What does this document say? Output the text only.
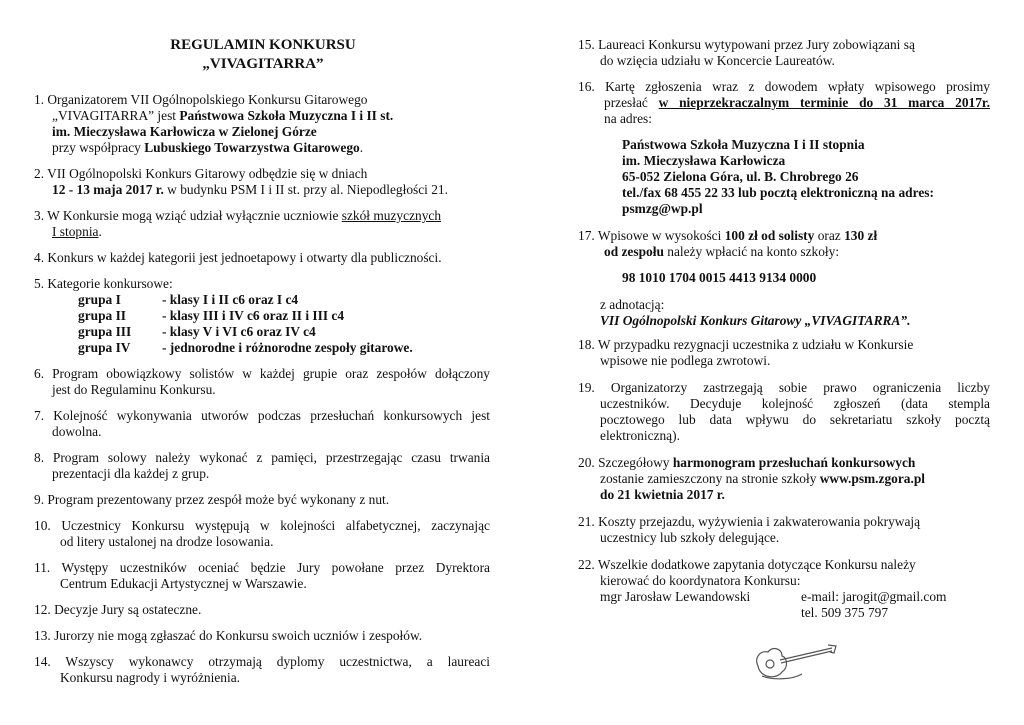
REGULAMIN KONKURSU
„VIVAGITARRA”
1. Organizatorem VII Ogólnopolskiego Konkursu Gitarowego
„VIVAGITARRA” jest Państwowa Szkoła Muzyczna I i II st.
im. Mieczysława Karłowicza w Zielonej Górze
przy współpracy Lubuskiego Towarzystwa Gitarowego.
2. VII Ogólnopolski Konkurs Gitarowy odbędzie się w dniach
12 - 13 maja 2017 r. w budynku PSM I i II st. przy al. Niepodległości 21.
3. W Konkursie mogą wziąć udział wyłącznie uczniowie szkół muzycznych
I stopnia.
4. Konkurs w każdej kategorii jest jednoetapowy i otwarty dla publiczności.
5. Kategorie konkursowe:
grupa I	- klasy I i II c6 oraz I c4
grupa II	- klasy III i IV c6 oraz II i III c4
grupa III - klasy V i VI c6 oraz IV c4
grupa IV - jednorodne i różnorodne zespoły gitarowe.
6. Program obowiązkowy solistów w każdej grupie oraz zespołów dołączony
jest do Regulaminu Konkursu.
7. Kolejność wykonywania utworów podczas przesłuchań konkursowych jest
dowolna.
8. Program solowy należy wykonać z pamięci, przestrzegając czasu trwania
prezentacji dla każdej z grup.
9. Program prezentowany przez zespół może być wykonany z nut.
10. Uczestnicy Konkursu występują w kolejności alfabetycznej, zaczynając
od litery ustalonej na drodze losowania.
11. Występy uczestników oceniać będzie Jury powołane przez Dyrektora
Centrum Edukacji Artystycznej w Warszawie.
12. Decyzje Jury są ostateczne.
13. Jurorzy nie mogą zgłaszać do Konkursu swoich uczniów i zespołów.
14. Wszyscy wykonawcy otrzymają dyplomy uczestnictwa, a laureaci
Konkursu nagrody i wyróżnienia.
15. Laureaci Konkursu wytypowani przez Jury zobowiązani są
do wzięcia udziału w Koncercie Laureatów.
16. Kartę zgłoszenia wraz z dowodem wpłaty wpisowego prosimy
przesłać w nieprzekraczalnym terminie do 31 marca 2017r.
na adres:
Państwowa Szkoła Muzyczna I i II stopnia
im. Mieczysława Karłowicza
65-052 Zielona Góra, ul. B. Chrobrego 26
tel./fax 68 455 22 33 lub pocztą elektroniczną na adres:
psmzg@wp.pl
17. Wpisowe w wysokości 100 zł od solisty oraz 130 zł
od zespołu należy wpłacić na konto szkoły:
98 1010 1704 0015 4413 9134 0000
z adnotacją:
VII Ogólnopolski Konkurs Gitarowy „VIVAGITARRA”.
18. W przypadku rezygnacji uczestnika z udziału w Konkursie
wpisowe nie podlega zwrotowi.
19. Organizatorzy zastrzegają sobie prawo ograniczenia liczby
uczestników. Decyduje kolejność zgłoszeń (data stempla
pocztowego lub data wpływu do sekretariatu szkoły pocztą
elektroniczną).
20. Szczegółowy harmonogram przesłuchań konkursowych
zostanie zamieszczony na stronie szkoły www.psm.zgora.pl
do 21 kwietnia 2017 r.
21. Koszty przejazdu, wyżywienia i zakwaterowania pokrywają
uczestnicy lub szkoły delegujące.
22. Wszelkie dodatkowe zapytania dotyczące Konkursu należy
kierować do koordynatora Konkursu:
mgr Jarosław Lewandowski	e-mail: jarogit@gmail.com
tel. 509 375 797
